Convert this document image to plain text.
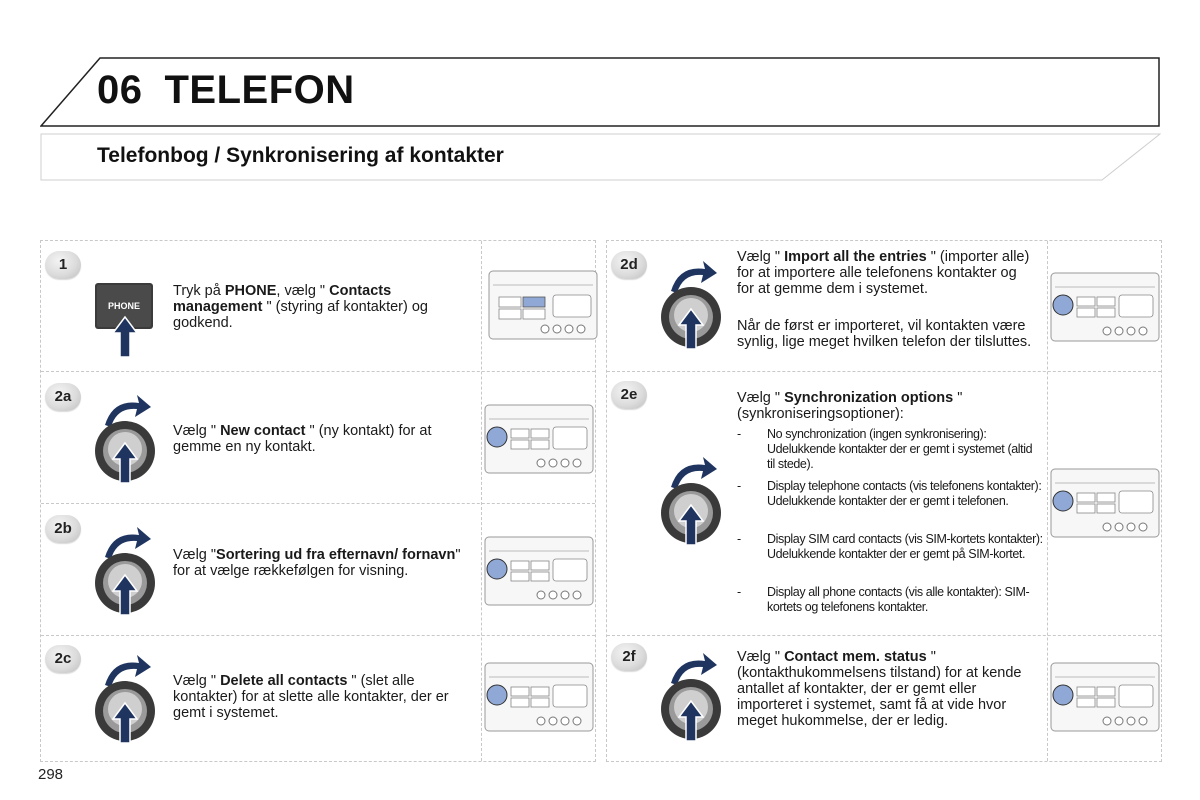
06 TELEFON
Telefonbog / Synkronisering af kontakter
1
PHONE
Tryk på PHONE, vælg " Contacts management " (styring af kontakter) og godkend.
2a
Vælg " New contact " (ny kontakt) for at gemme en ny kontakt.
2b
Vælg "Sortering ud fra efternavn/ fornavn" for at vælge rækkefølgen for visning.
2c
Vælg " Delete all contacts " (slet alle kontakter) for at slette alle kontakter, der er gemt i systemet.
2d	Vælg " Import all the entries " (importer alle) for at importere alle telefonens kontakter og for at gemme dem i systemet.
Når de først er importeret, vil kontakten være synlig, lige meget hvilken telefon der tilsluttes.
2e	Vælg " Synchronization options " (synkroniseringsoptioner):
- No synchronization (ingen synkronisering): Udelukkende kontakter der er gemt i systemet (altid til stede).
- Display telephone contacts (vis telefonens kontakter): Udelukkende kontakter der er gemt i telefonen.
- Display SIM card contacts (vis SIM-kortets kontakter): Udelukkende kontakter der er gemt på SIM-kortet.
- Display all phone contacts (vis alle kontakter): SIM-kortets og telefonens kontakter.
2f	Vælg " Contact mem. status " (kontakthukommelsens tilstand) for at kende antallet af kontakter, der er gemt eller importeret i systemet, samt få at vide hvor meget hukommelse, der er ledig.
298
